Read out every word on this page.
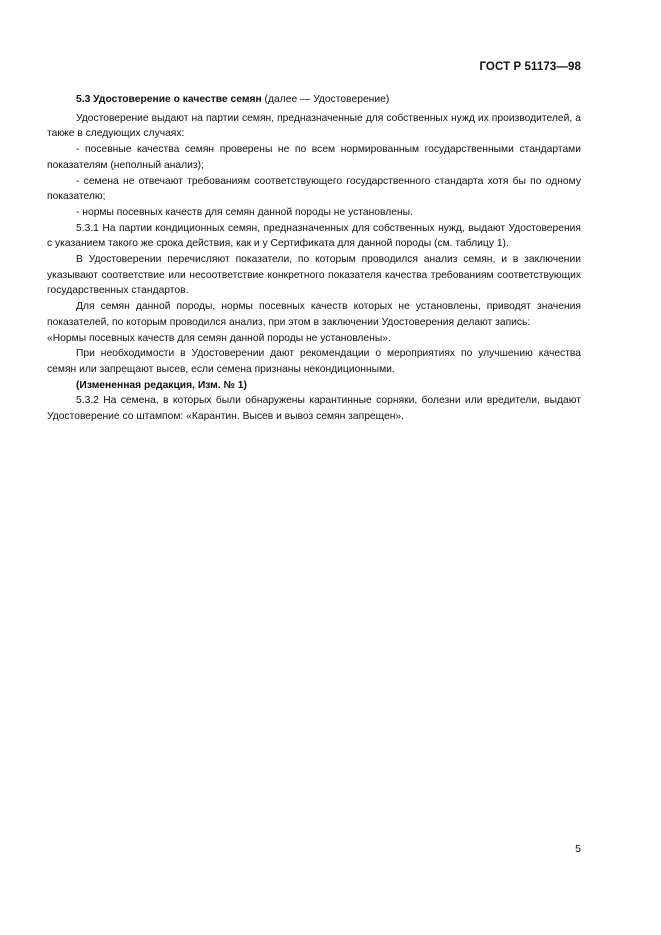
ГОСТ Р 51173—98

5.3 Удостоверение о качестве семян (далее — Удостоверение)

Удостоверение выдают на партии семян, предназначенные для собственных нужд их производителей, а также в следующих случаях:

- посевные качества семян проверены не по всем нормированным государственными стандартами показателям (неполный анализ);

- семена не отвечают требованиям соответствующего государственного стандарта хотя бы по одному показателю;

- нормы посевных качеств для семян данной породы не установлены.

5.3.1 На партии кондиционных семян, предназначенных для собственных нужд, выдают Удостоверения с указанием такого же срока действия, как и у Сертификата для данной породы (см. таблицу 1).

В Удостоверении перечисляют показатели, по которым проводился анализ семян, и в заключении указывают соответствие или несоответствие конкретного показателя качества требованиям соответствующих государственных стандартов.

Для семян данной породы, нормы посевных качеств которых не установлены, приводят значения показателей, по которым проводился анализ, при этом в заключении Удостоверения делают запись:

«Нормы посевных качеств для семян данной породы не установлены».

При необходимости в Удостоверении дают рекомендации о мероприятиях по улучшению качества семян или запрещают высев, если семена признаны некондиционными.

(Измененная редакция, Изм. № 1)

5.3.2 На семена, в которых были обнаружены карантинные сорняки, болезни или вредители, выдают Удостоверение со штампом: «Карантин. Высев и вывоз семян запрещен».

5
